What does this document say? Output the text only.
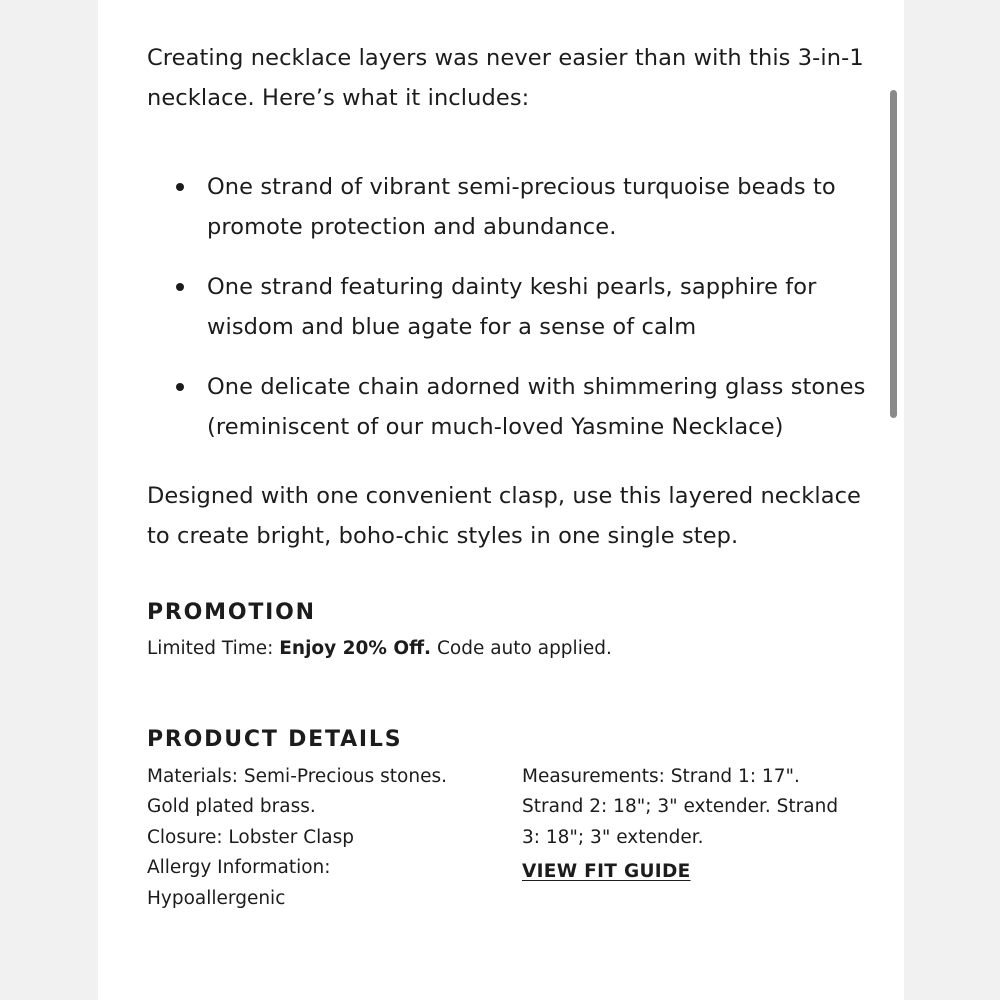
Creating necklace layers was never easier than with this 3-in-1 necklace. Here’s what it includes:

One strand of vibrant semi-precious turquoise beads to promote protection and abundance.
One strand featuring dainty keshi pearls, sapphire for wisdom and blue agate for a sense of calm
One delicate chain adorned with shimmering glass stones (reminiscent of our much-loved Yasmine Necklace)

Designed with one convenient clasp, use this layered necklace to create bright, boho-chic styles in one single step.

PROMOTION

Limited Time: Enjoy 20% Off. Code auto applied.

PRODUCT DETAILS
Materials: Semi-Precious stones.
Gold plated brass.
Closure: Lobster Clasp
Allergy Information:
Hypoallergenic
Measurements: Strand 1: 17".
Strand 2: 18"; 3" extender. Strand
3: 18"; 3" extender.
VIEW FIT GUIDE
